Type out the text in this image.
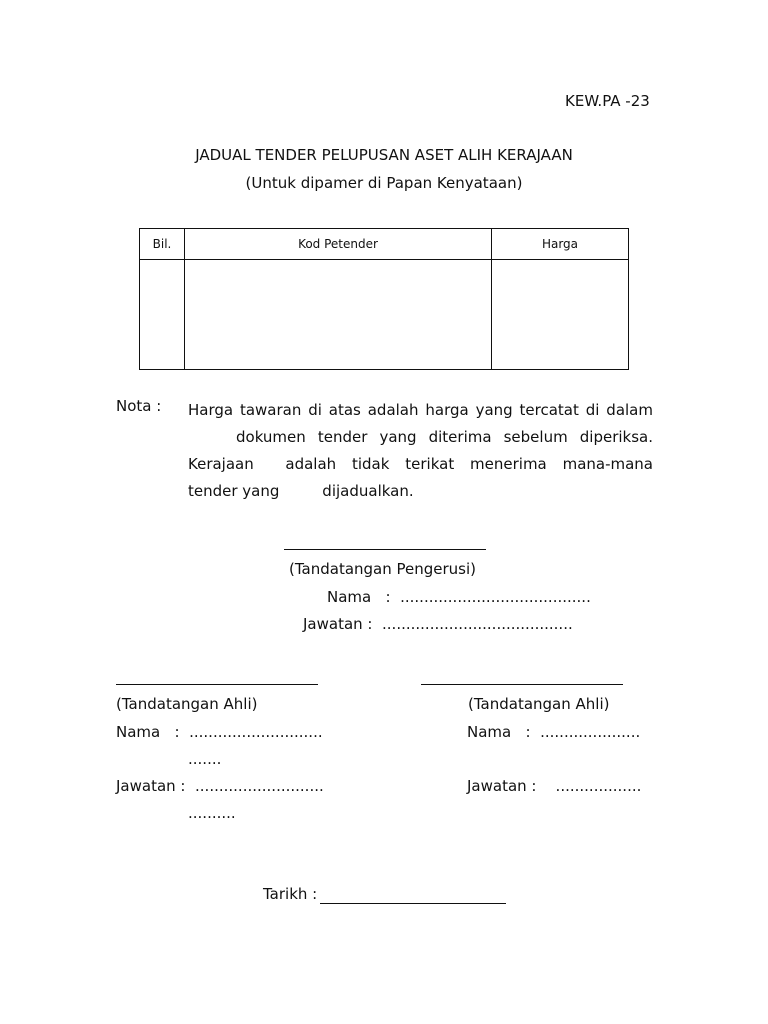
KEW.PA -23
JADUAL TENDER PELUPUSAN ASET ALIH KERAJAAN
(Untuk dipamer di Papan Kenyataan)
Bil.	Kod Petender	Harga

Nota : Harga tawaran di atas adalah harga yang tercatat di dalam
dokumen tender yang diterima sebelum diperiksa.
Kerajaan  adalah tidak terikat menerima mana-mana
tender yang         dijadualkan.
(Tandatangan Pengerusi)
Nama   :  ........................................
Jawatan :  ........................................
(Tandatangan Ahli)
Nama   :  ............................
.......
Jawatan :  ...........................
..........
(Tandatangan Ahli)
Nama   :  .....................
Jawatan :    ..................
Tarikh :
